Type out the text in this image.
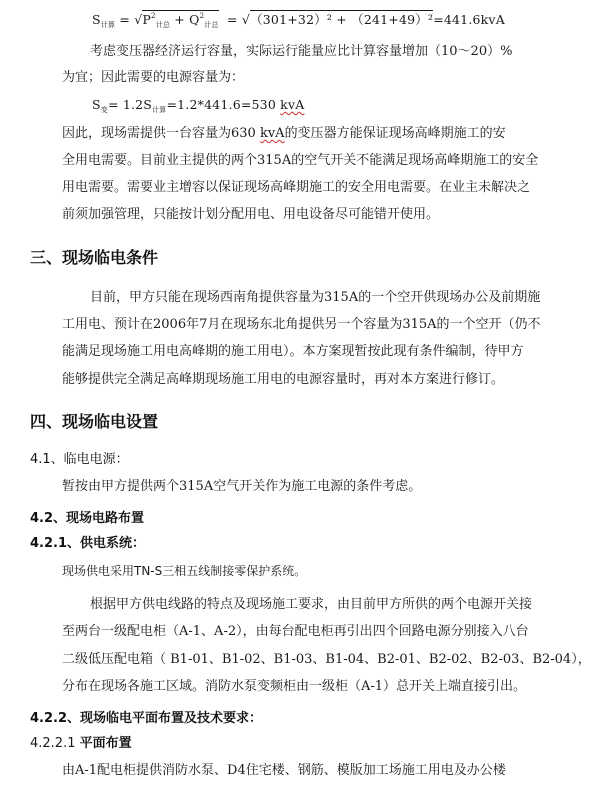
$S_{计算} = √P^2_{计总} + Q^2_{计总} = √(301+32)^2 + (241+49)^2=441.6kvA$
考虑变压器经济运行容量，实际运行能量应比计算容量增加（10～20）%
为宜；因此需要的电源容量为：
$S_变= 1.2S_{计算}=1.2*441.6=530$ kvA
因此，现场需提供一台容量为630 kvA的变压器方能保证现场高峰期施工的安
全用电需要。目前业主提供的两个315A的空气开关不能满足现场高峰期施工的安全
用电需要。需要业主增容以保证现场高峰期施工的安全用电需要。在业主未解决之
前须加强管理，只能按计划分配用电、用电设备尽可能错开使用。
三、现场临电条件
目前，甲方只能在现场西南角提供容量为315A的一个空开供现场办公及前期施
工用电、预计在2006年7月在现场东北角提供另一个容量为315A的一个空开（仍不
能满足现场施工用电高峰期的施工用电）。本方案现暂按此现有条件编制，待甲方
能够提供完全满足高峰期现场施工用电的电源容量时，再对本方案进行修订。
四、现场临电设置
4.1、临电电源：
暂按由甲方提供两个315A空气开关作为施工电源的条件考虑。
4.2、现场电路布置
4.2.1、供电系统：
现场供电采用TN-S三相五线制接零保护系统。
根据甲方供电线路的特点及现场施工要求，由目前甲方所供的两个电源开关接
至两台一级配电柜（A-1、A-2），由每台配电柜再引出四个回路电源分别接入八台
二级低压配电箱（ B1-01、B1-02、B1-03、B1-04、B2-01、B2-02、B2-03、B2-04），
分布在现场各施工区域。消防水泵变频柜由一级柜（A-1）总开关上端直接引出。
4.2.2、现场临电平面布置及技术要求：
4.2.2.1 平面布置
由A-1配电柜提供消防水泵、D4住宅楼、钢筋、模版加工场施工用电及办公楼
